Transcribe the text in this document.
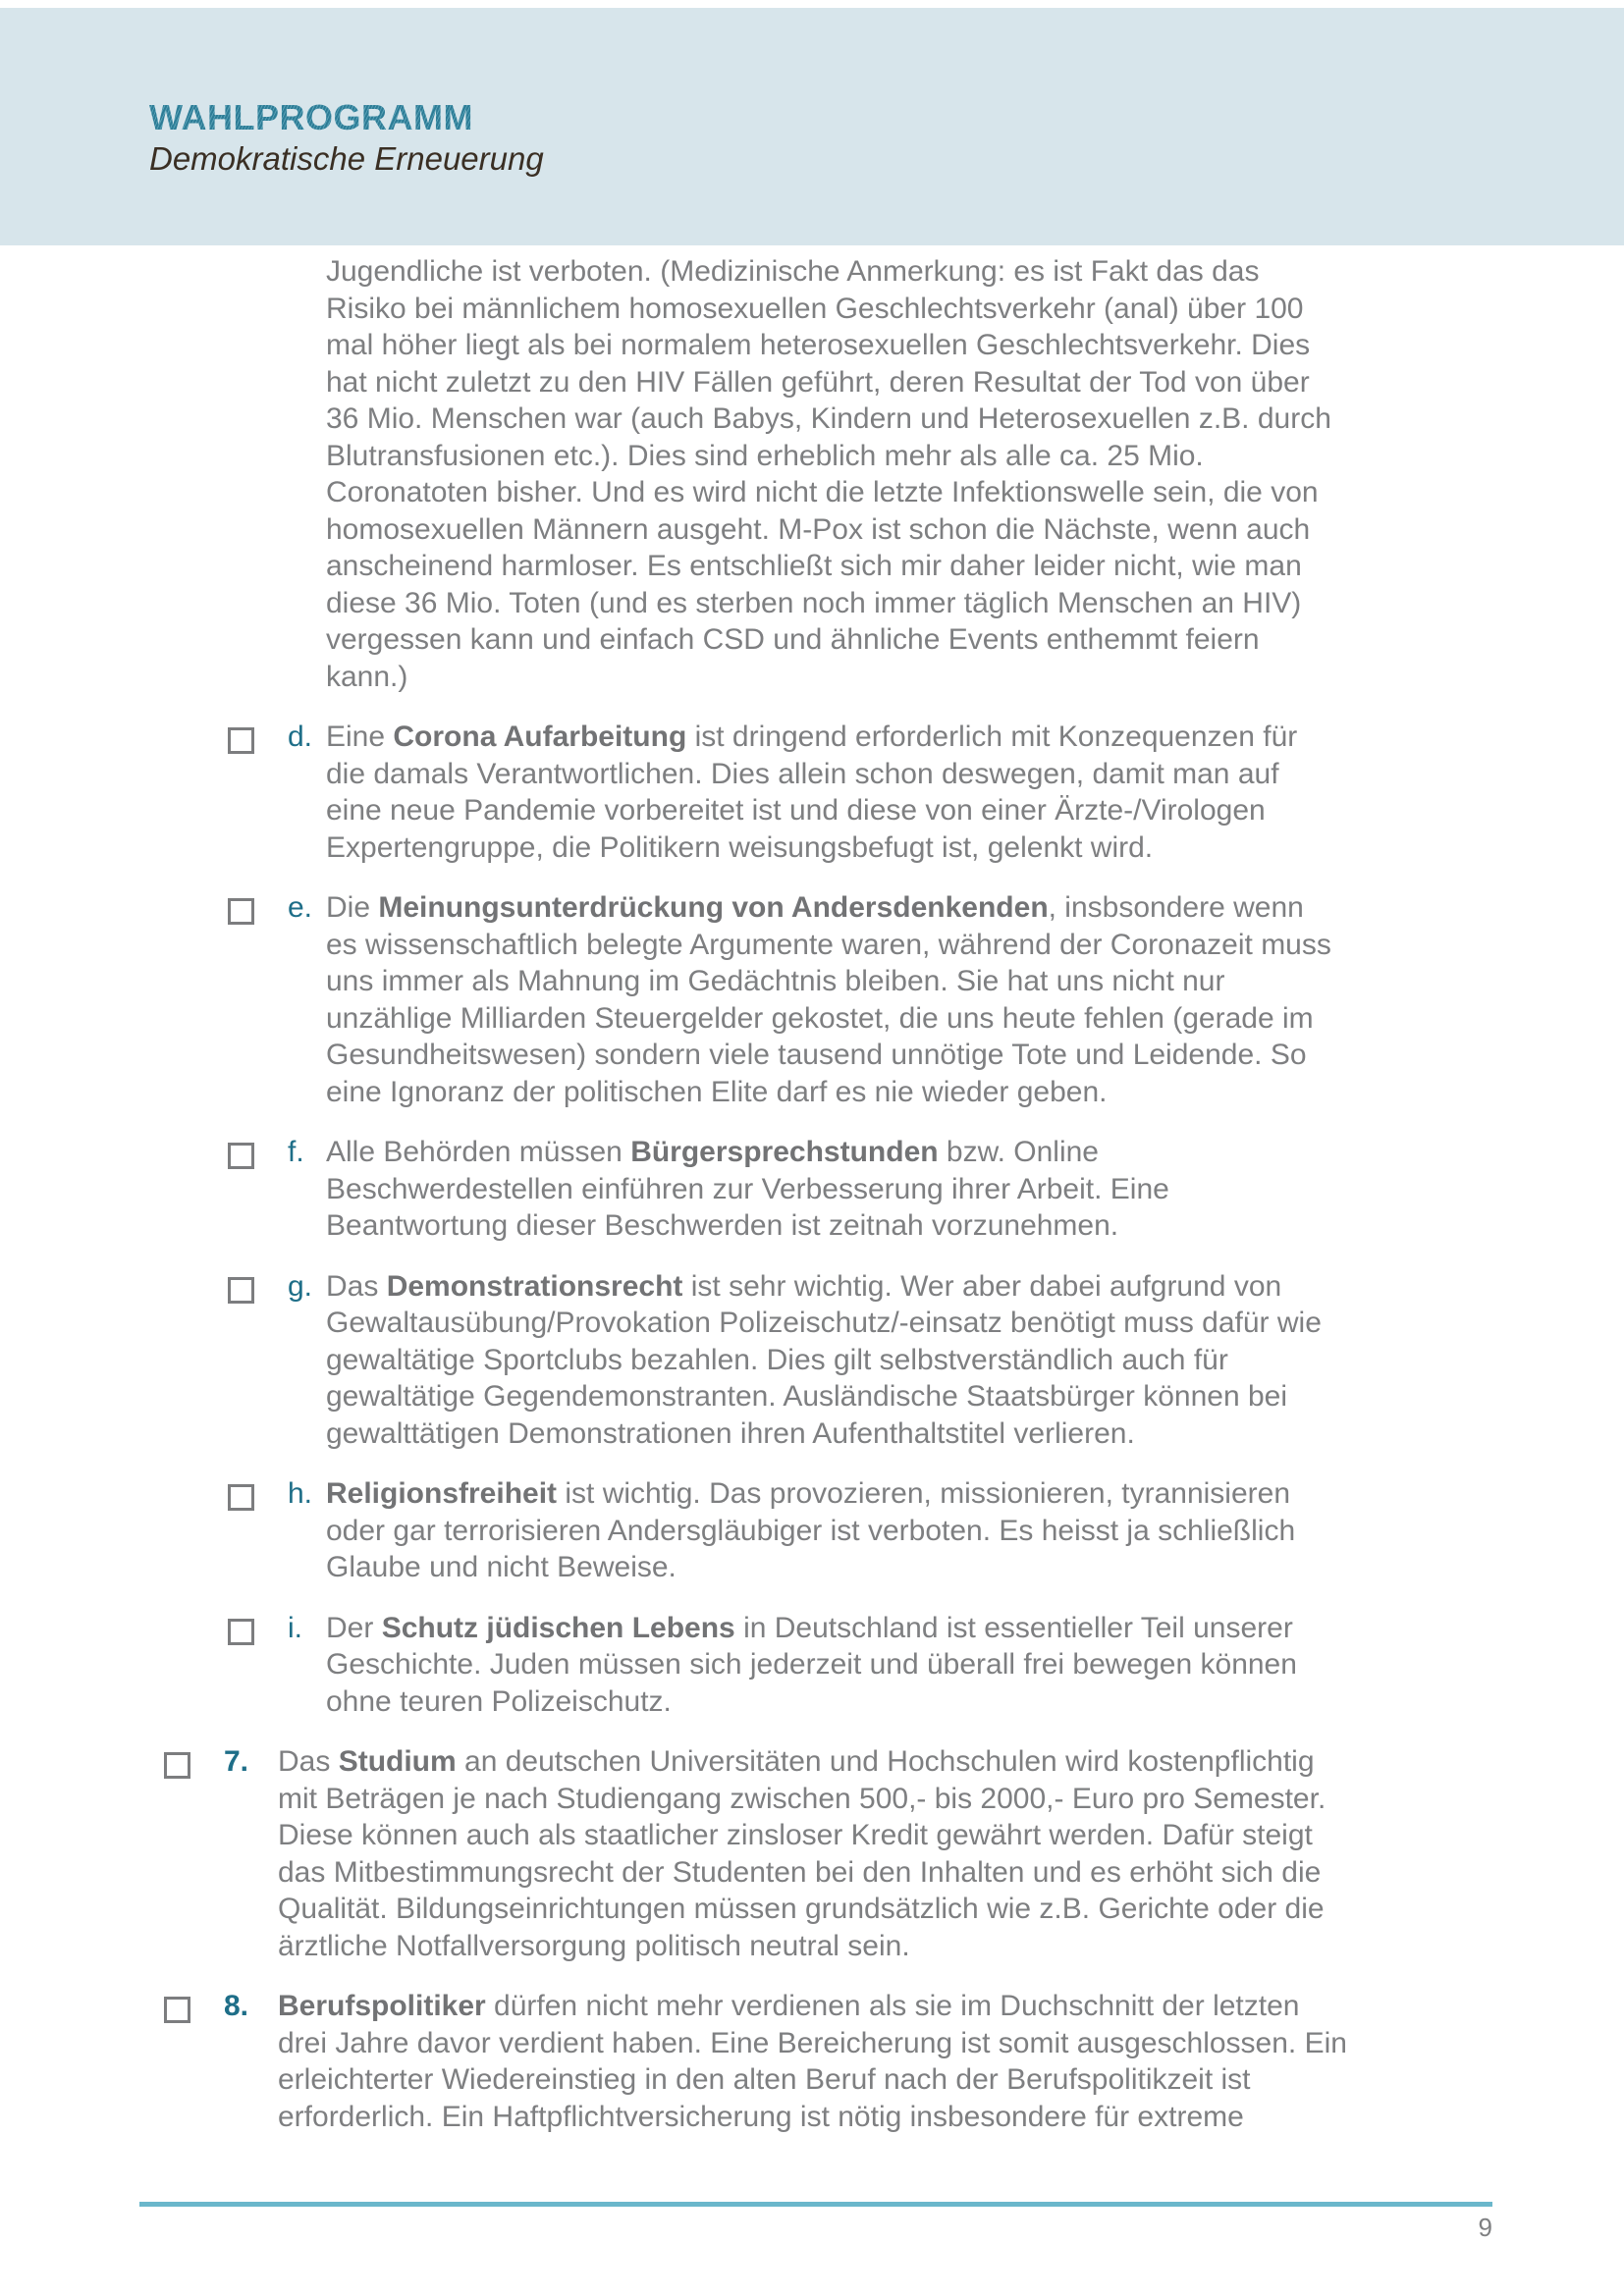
WAHLPROGRAMM
Demokratische Erneuerung
Jugendliche ist verboten. (Medizinische Anmerkung: es ist Fakt das das
Risiko bei männlichem homosexuellen Geschlechtsverkehr (anal) über 100
mal höher liegt als bei normalem heterosexuellen Geschlechtsverkehr. Dies
hat nicht zuletzt zu den HIV Fällen geführt, deren Resultat der Tod von über
36 Mio. Menschen war (auch Babys, Kindern und Heterosexuellen z.B. durch
Blutransfusionen etc.). Dies sind erheblich mehr als alle ca. 25 Mio.
Coronatoten bisher. Und es wird nicht die letzte Infektionswelle sein, die von
homosexuellen Männern ausgeht. M-Pox ist schon die Nächste, wenn auch
anscheinend harmloser. Es entschließt sich mir daher leider nicht, wie man
diese 36 Mio. Toten (und es sterben noch immer täglich Menschen an HIV)
vergessen kann und einfach CSD und ähnliche Events enthemmt feiern
kann.)
d. Eine Corona Aufarbeitung ist dringend erforderlich mit Konzequenzen für
die damals Verantwortlichen. Dies allein schon deswegen, damit man auf
eine neue Pandemie vorbereitet ist und diese von einer Ärzte-/Virologen
Expertengruppe, die Politikern weisungsbefugt ist, gelenkt wird.
e. Die Meinungsunterdrückung von Andersdenkenden, insbsondere wenn
es wissenschaftlich belegte Argumente waren, während der Coronazeit muss
uns immer als Mahnung im Gedächtnis bleiben. Sie hat uns nicht nur
unzählige Milliarden Steuergelder gekostet, die uns heute fehlen (gerade im
Gesundheitswesen) sondern viele tausend unnötige Tote und Leidende. So
eine Ignoranz der politischen Elite darf es nie wieder geben.
f. Alle Behörden müssen Bürgersprechstunden bzw. Online
Beschwerdestellen einführen zur Verbesserung ihrer Arbeit. Eine
Beantwortung dieser Beschwerden ist zeitnah vorzunehmen.
g. Das Demonstrationsrecht ist sehr wichtig. Wer aber dabei aufgrund von
Gewaltausübung/Provokation Polizeischutz/-einsatz benötigt muss dafür wie
gewaltätige Sportclubs bezahlen. Dies gilt selbstverständlich auch für
gewaltätige Gegendemonstranten. Ausländische Staatsbürger können bei
gewalttätigen Demonstrationen ihren Aufenthaltstitel verlieren.
h. Religionsfreiheit ist wichtig. Das provozieren, missionieren, tyrannisieren
oder gar terrorisieren Andersgläubiger ist verboten. Es heisst ja schließlich
Glaube und nicht Beweise.
i. Der Schutz jüdischen Lebens in Deutschland ist essentieller Teil unserer
Geschichte. Juden müssen sich jederzeit und überall frei bewegen können
ohne teuren Polizeischutz.
7. Das Studium an deutschen Universitäten und Hochschulen wird kostenpflichtig
mit Beträgen je nach Studiengang zwischen 500,- bis 2000,- Euro pro Semester.
Diese können auch als staatlicher zinsloser Kredit gewährt werden. Dafür steigt
das Mitbestimmungsrecht der Studenten bei den Inhalten und es erhöht sich die
Qualität. Bildungseinrichtungen müssen grundsätzlich wie z.B. Gerichte oder die
ärztliche Notfallversorgung politisch neutral sein.
8. Berufspolitiker dürfen nicht mehr verdienen als sie im Duchschnitt der letzten
drei Jahre davor verdient haben. Eine Bereicherung ist somit ausgeschlossen. Ein
erleichterter Wiedereinstieg in den alten Beruf nach der Berufspolitikzeit ist
erforderlich. Ein Haftpflichtversicherung ist nötig insbesondere für extreme
9
